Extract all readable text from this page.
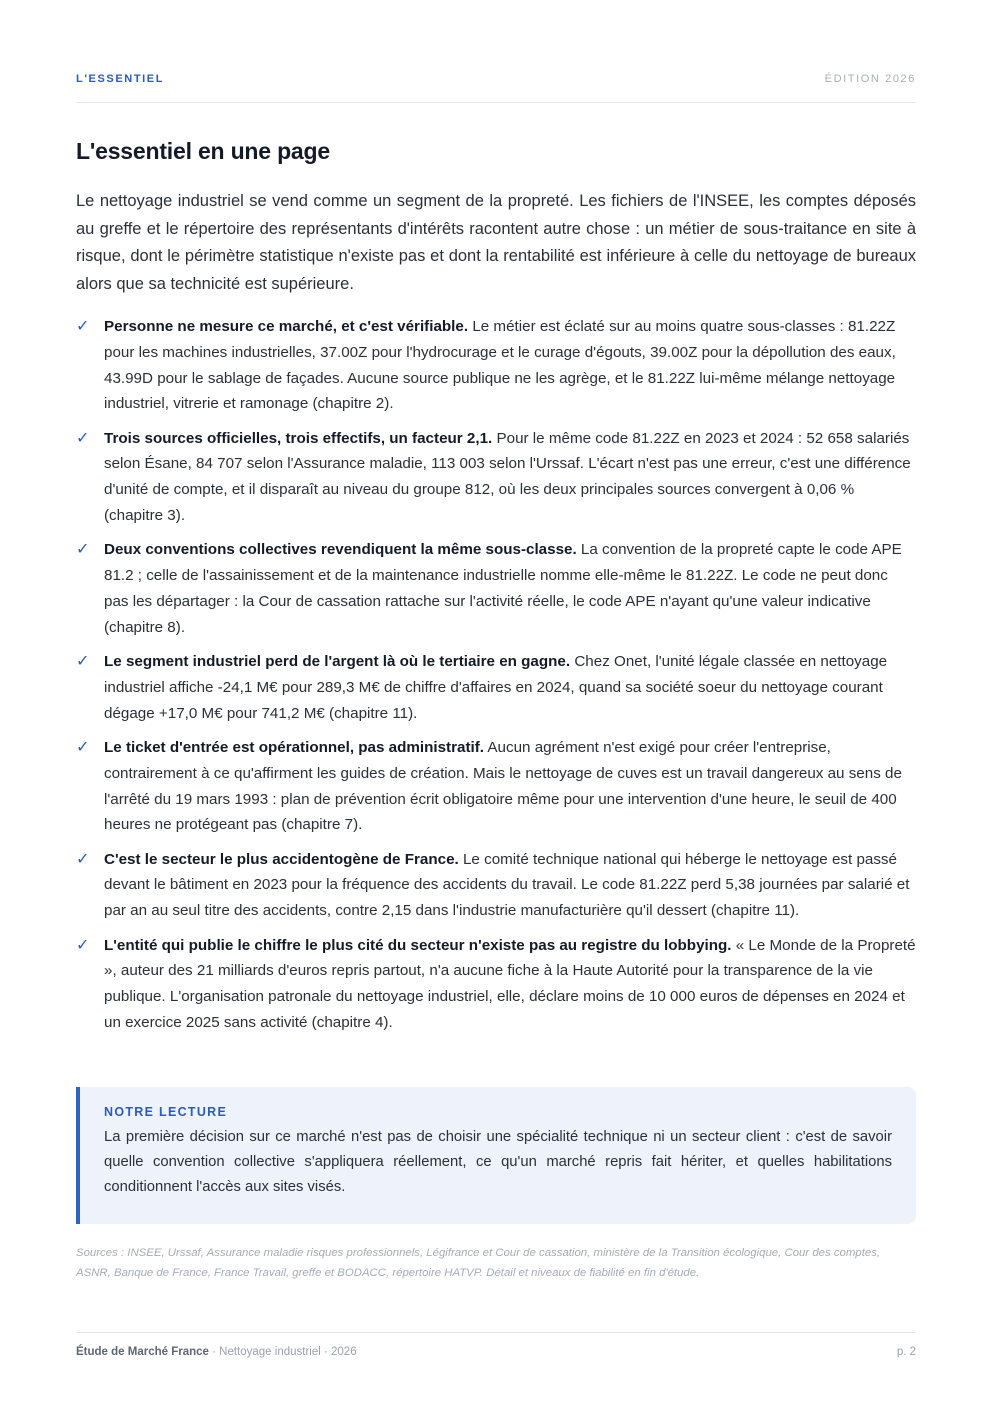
L'ESSENTIEL	ÉDITION 2026
L'essentiel en une page

Le nettoyage industriel se vend comme un segment de la propreté. Les fichiers de l'INSEE, les comptes déposés au greffe et le répertoire des représentants d'intérêts racontent autre chose : un métier de sous-traitance en site à risque, dont le périmètre statistique n'existe pas et dont la rentabilité est inférieure à celle du nettoyage de bureaux alors que sa technicité est supérieure.

✓ Personne ne mesure ce marché, et c'est vérifiable. Le métier est éclaté sur au moins quatre sous-classes : 81.22Z pour les machines industrielles, 37.00Z pour l'hydrocurage et le curage d'égouts, 39.00Z pour la dépollution des eaux, 43.99D pour le sablage de façades. Aucune source publique ne les agrège, et le 81.22Z lui-même mélange nettoyage industriel, vitrerie et ramonage (chapitre 2).
✓ Trois sources officielles, trois effectifs, un facteur 2,1. Pour le même code 81.22Z en 2023 et 2024 : 52 658 salariés selon Ésane, 84 707 selon l'Assurance maladie, 113 003 selon l'Urssaf. L'écart n'est pas une erreur, c'est une différence d'unité de compte, et il disparaît au niveau du groupe 812, où les deux principales sources convergent à 0,06 % (chapitre 3).
✓ Deux conventions collectives revendiquent la même sous-classe. La convention de la propreté capte le code APE 81.2 ; celle de l'assainissement et de la maintenance industrielle nomme elle-même le 81.22Z. Le code ne peut donc pas les départager : la Cour de cassation rattache sur l'activité réelle, le code APE n'ayant qu'une valeur indicative (chapitre 8).
✓ Le segment industriel perd de l'argent là où le tertiaire en gagne. Chez Onet, l'unité légale classée en nettoyage industriel affiche -24,1 M€ pour 289,3 M€ de chiffre d'affaires en 2024, quand sa société soeur du nettoyage courant dégage +17,0 M€ pour 741,2 M€ (chapitre 11).
✓ Le ticket d'entrée est opérationnel, pas administratif. Aucun agrément n'est exigé pour créer l'entreprise, contrairement à ce qu'affirment les guides de création. Mais le nettoyage de cuves est un travail dangereux au sens de l'arrêté du 19 mars 1993 : plan de prévention écrit obligatoire même pour une intervention d'une heure, le seuil de 400 heures ne protégeant pas (chapitre 7).
✓ C'est le secteur le plus accidentogène de France. Le comité technique national qui héberge le nettoyage est passé devant le bâtiment en 2023 pour la fréquence des accidents du travail. Le code 81.22Z perd 5,38 journées par salarié et par an au seul titre des accidents, contre 2,15 dans l'industrie manufacturière qu'il dessert (chapitre 11).
✓ L'entité qui publie le chiffre le plus cité du secteur n'existe pas au registre du lobbying. « Le Monde de la Propreté », auteur des 21 milliards d'euros repris partout, n'a aucune fiche à la Haute Autorité pour la transparence de la vie publique. L'organisation patronale du nettoyage industriel, elle, déclare moins de 10 000 euros de dépenses en 2024 et un exercice 2025 sans activité (chapitre 4).
NOTRE LECTURE
La première décision sur ce marché n'est pas de choisir une spécialité technique ni un secteur client : c'est de savoir quelle convention collective s'appliquera réellement, ce qu'un marché repris fait hériter, et quelles habilitations conditionnent l'accès aux sites visés.

Sources : INSEE, Urssaf, Assurance maladie risques professionnels, Légifrance et Cour de cassation, ministère de la Transition écologique, Cour des comptes, ASNR, Banque de France, France Travail, greffe et BODACC, répertoire HATVP. Détail et niveaux de fiabilité en fin d'étude.

Étude de Marché France · Nettoyage industriel · 2026	p. 2
